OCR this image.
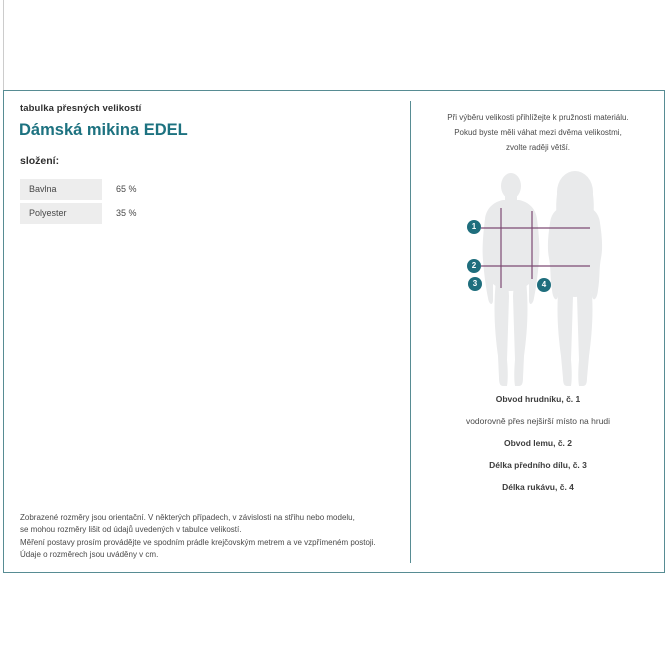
tabulka přesných velikostí
Dámská mikina EDEL
složení:
Bavlna	65 %
Polyester	35 %
Zobrazené rozměry jsou orientační. V některých případech, v závislosti na střihu nebo modelu,
se mohou rozměry lišit od údajů uvedených v tabulce velikostí.
Měření postavy prosím provádějte ve spodním prádle krejčovským metrem a ve vzpřímeném postoji.
Údaje o rozměrech jsou uváděny v cm.
Při výběru velikosti přihlížejte k pružnosti materiálu.
Pokud byste měli váhat mezi dvěma velikostmi,
zvolte raději větší.
1
2
3	4
Obvod hrudníku, č. 1
vodorovně přes nejširší místo na hrudi
Obvod lemu, č. 2
Délka předního dílu, č. 3
Délka rukávu, č. 4
